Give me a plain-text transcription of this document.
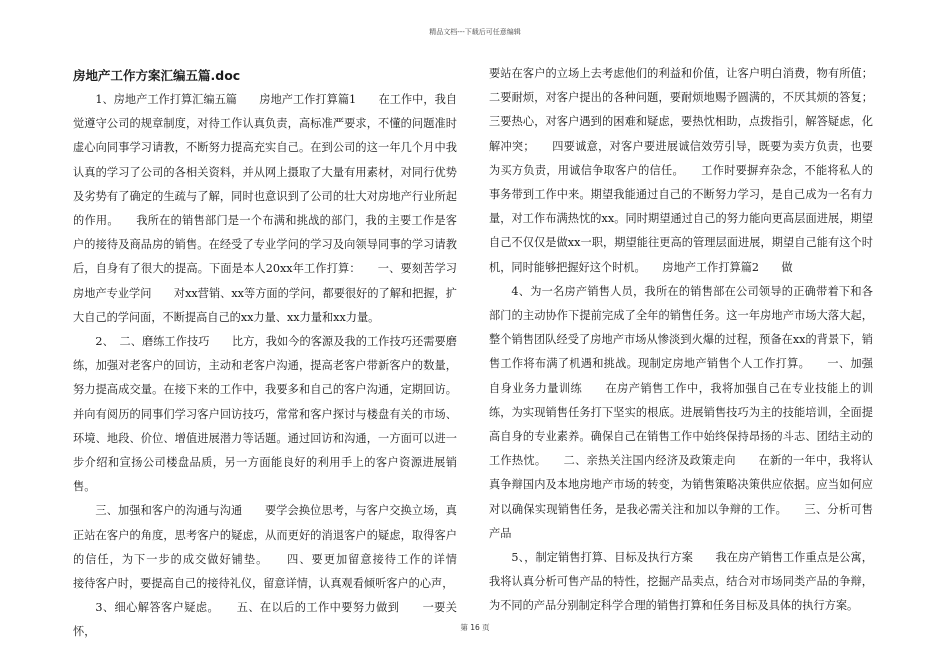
精品文档---下载后可任意编辑
房地产工作方案汇编五篇.doc

1、房地产工作打算汇编五篇　　房地产工作打算篇1　　在工作中，我自觉遵守公司的规章制度，对待工作认真负责，高标准严要求，不懂的问题准时虚心向同事学习请教，不断努力提高充实自己。在到公司的这一年几个月中我认真的学习了公司的各相关资料，并从网上摄取了大量有用素材，对同行优势及劣势有了确定的生疏与了解，同时也意识到了公司的壮大对房地产行业所起的作用。　　我所在的销售部门是一个布满和挑战的部门，我的主要工作是客户的接待及商品房的销售。在经受了专业学问的学习及向领导同事的学习请教后，自身有了很大的提高。下面是本人20xx年工作打算：　　一、要刻苦学习房地产专业学问　　对xx营销、xx等方面的学问，都要很好的了解和把握，扩大自己的学问面，不断提高自己的xx力量、xx力量和xx力量。

2、　二、磨练工作技巧　　比方，我如今的客源及我的工作技巧还需要磨练，加强对老客户的回访，主动和老客户沟通，提高老客户带新客户的数量，努力提高成交量。在接下来的工作中，我要多和自己的客户沟通，定期回访。并向有阅历的同事们学习客户回访技巧，常常和客户探讨与楼盘有关的市场、环境、地段、价位、增值进展潜力等话题。通过回访和沟通，一方面可以进一步介绍和宣扬公司楼盘品质，另一方面能良好的利用手上的客户资源进展销售。

三、加强和客户的沟通与沟通　　要学会换位思考，与客户交换立场，真正站在客户的角度，思考客户的疑虑，从而更好的消退客户的疑虑，取得客户的信任，为下一步的成交做好铺垫。　　四、要更加留意接待工作的详情　　接待客户时，要提高自己的接待礼仪，留意详情，认真观看倾听客户的心声，

3、细心解答客户疑虑。　　五、在以后的工作中要努力做到　　一要关怀，

要站在客户的立场上去考虑他们的利益和价值，让客户明白消费，物有所值；二要耐烦，对客户提出的各种问题，要耐烦地赐予圆满的，不厌其烦的答复；三要热心，对客户遇到的困难和疑虑，要热忱相助，点拨指引，解答疑虑，化解冲突；　　四要诚意，对客户要进展诚信效劳引导，既要为卖方负责，也要为买方负责，用诚信争取客户的信任。　　工作时要摒弃杂念，不能将私人的事务带到工作中来。期望我能通过自己的不断努力学习，是自己成为一名有力量，对工作布满热忱的xx。同时期望通过自己的努力能向更高层面进展，期望自己不仅仅是做xx一职，期望能往更高的管理层面进展，期望自己能有这个时机，同时能够把握好这个时机。　　房地产工作打算篇2　　做

4、为一名房产销售人员，我所在的销售部在公司领导的正确带着下和各部门的主动协作下提前完成了全年的销售任务。这一年房地产市场大落大起，整个销售团队经受了房地产市场从惨淡到火爆的过程，预备在xx的背景下，销售工作将布满了机遇和挑战。现制定房地产销售个人工作打算。　　一、加强自身业务力量训练　　在房产销售工作中，我将加强自己在专业技能上的训练，为实现销售任务打下坚实的根底。进展销售技巧为主的技能培训，全面提高自身的专业素养。确保自己在销售工作中始终保持昂扬的斗志、团结主动的工作热忱。　　二、亲热关注国内经济及政策走向　　在新的一年中，我将认真争辩国内及本地房地产市场的转变，为销售策略决策供应依据。应当如何应对以确保实现销售任务，是我必需关注和加以争辩的工作。　　三、分析可售产品

5、，制定销售打算、目标及执行方案　　我在房产销售工作重点是公寓，我将认真分析可售产品的特性，挖掘产品卖点，结合对市场同类产品的争辩，为不同的产品分别制定科学合理的销售打算和任务目标及具体的执行方案。

第 16 页
